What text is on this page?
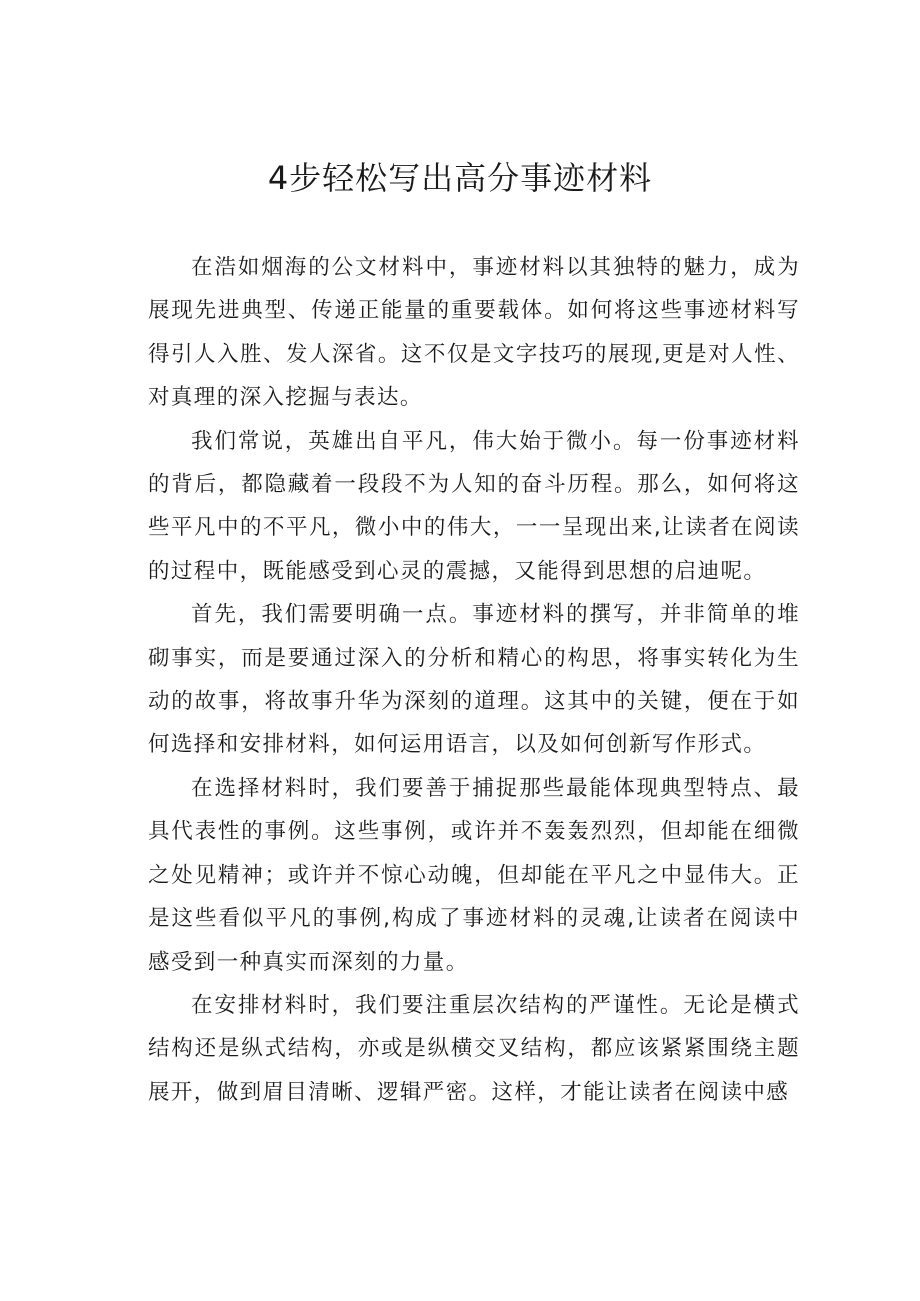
4步轻松写出高分事迹材料

在浩如烟海的公文材料中，事迹材料以其独特的魅力，成为展现先进典型、传递正能量的重要载体。如何将这些事迹材料写得引人入胜、发人深省。这不仅是文字技巧的展现,更是对人性、对真理的深入挖掘与表达。

我们常说，英雄出自平凡，伟大始于微小。每一份事迹材料的背后，都隐藏着一段段不为人知的奋斗历程。那么，如何将这些平凡中的不平凡，微小中的伟大，一一呈现出来,让读者在阅读的过程中，既能感受到心灵的震撼，又能得到思想的启迪呢。

首先，我们需要明确一点。事迹材料的撰写，并非简单的堆砌事实，而是要通过深入的分析和精心的构思，将事实转化为生动的故事，将故事升华为深刻的道理。这其中的关键，便在于如何选择和安排材料，如何运用语言，以及如何创新写作形式。

在选择材料时，我们要善于捕捉那些最能体现典型特点、最具代表性的事例。这些事例，或许并不轰轰烈烈，但却能在细微之处见精神；或许并不惊心动魄，但却能在平凡之中显伟大。正是这些看似平凡的事例,构成了事迹材料的灵魂,让读者在阅读中感受到一种真实而深刻的力量。

在安排材料时，我们要注重层次结构的严谨性。无论是横式结构还是纵式结构，亦或是纵横交叉结构，都应该紧紧围绕主题展开，做到眉目清晰、逻辑严密。这样，才能让读者在阅读中感
